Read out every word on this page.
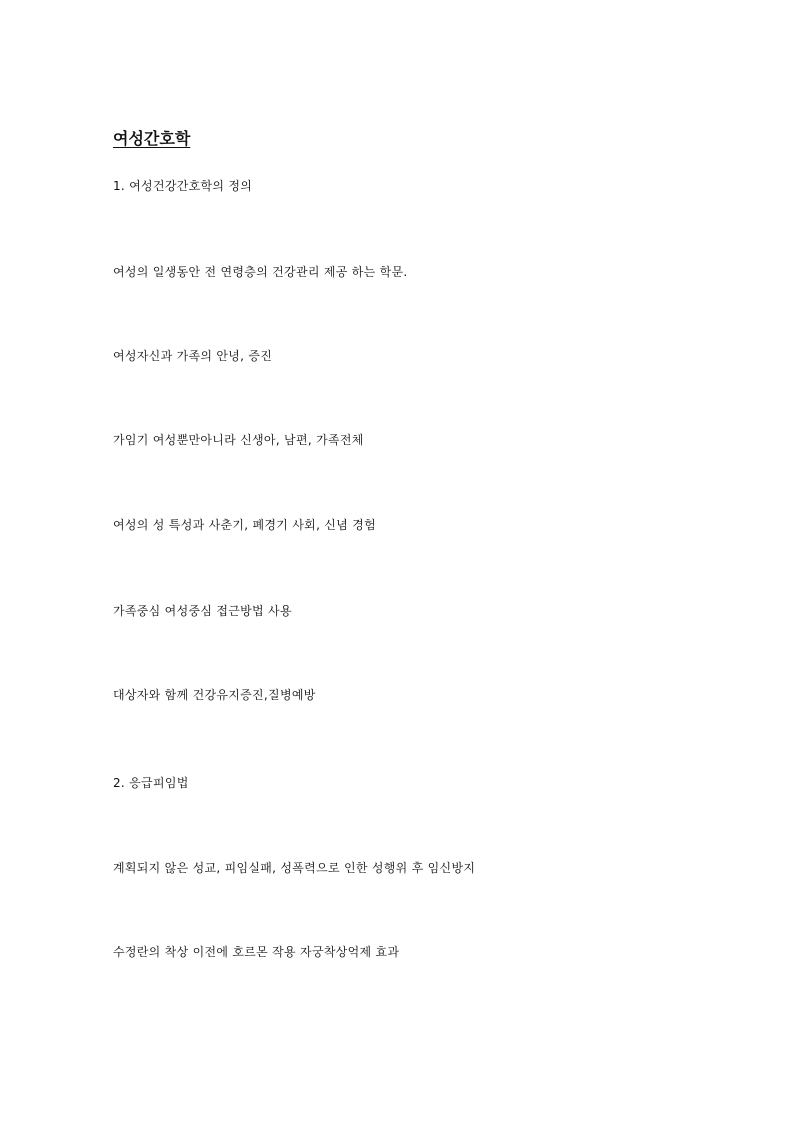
여성간호학

1. 여성건강간호학의 정의

여성의 일생동안 전 연령층의 건강관리 제공 하는 학문.

여성자신과 가족의 안녕, 증진

가임기 여성뿐만아니라 신생아, 남편, 가족전체

여성의 성 특성과 사춘기, 폐경기 사회, 신념 경험

가족중심 여성중심 접근방법 사용

대상자와 함께 건강유지증진,질병예방

2. 응급피임법

계획되지 않은 성교, 피임실패, 성폭력으로 인한 성행위 후 임신방지

수정란의 착상 이전에 호르몬 작용 자궁착상억제 효과
